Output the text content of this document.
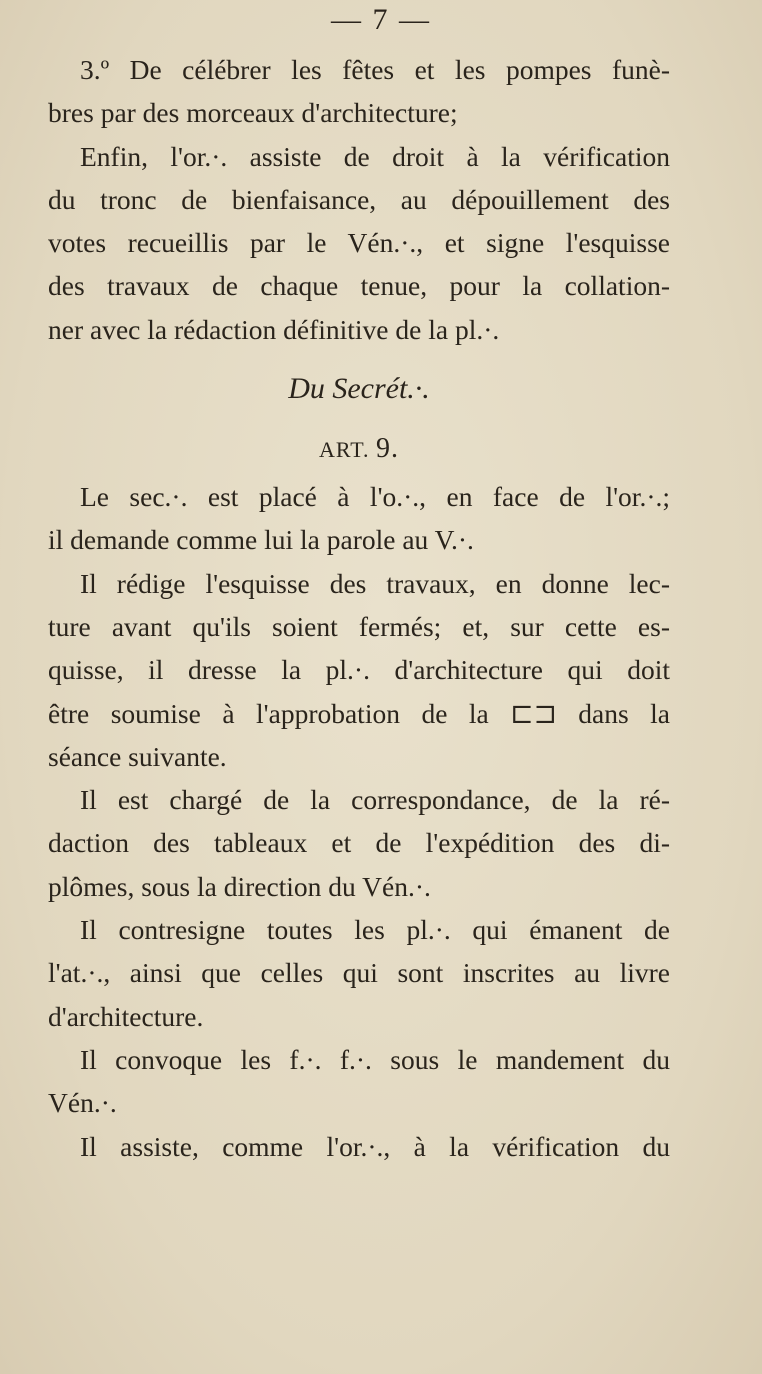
— 7 —
3.º De célébrer les fêtes et les pompes funè-
bres par des morceaux d'architecture;
Enfin, l'or.·. assiste de droit à la vérification
du tronc de bienfaisance, au dépouillement des
votes recueillis par le Vén.·., et signe l'esquisse
des travaux de chaque tenue, pour la collation-
ner avec la rédaction définitive de la pl.·.
Du Secrét.·.
ART. 9.
Le sec.·. est placé à l'o.·., en face de l'or.·.;
il demande comme lui la parole au V.·.
Il rédige l'esquisse des travaux, en donne lec-
ture avant qu'ils soient fermés; et, sur cette es-
quisse, il dresse la pl.·. d'architecture qui doit
être soumise à l'approbation de la ⊏⊐ dans la
séance suivante.
Il est chargé de la correspondance, de la ré-
daction des tableaux et de l'expédition des di-
plômes, sous la direction du Vén.·.
Il contresigne toutes les pl.·. qui émanent de
l'at.·., ainsi que celles qui sont inscrites au livre
d'architecture.
Il convoque les f.·. f.·. sous le mandement du
Vén.·.
Il assiste, comme l'or.·., à la vérification du
